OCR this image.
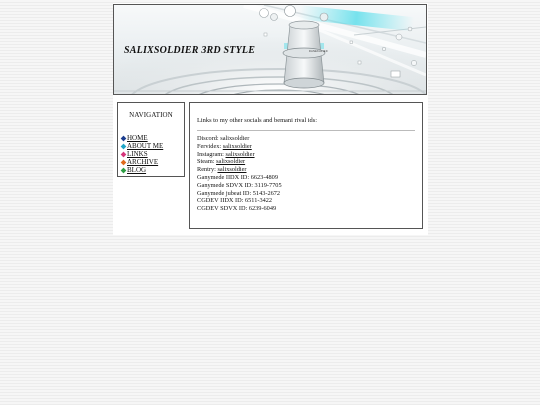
SALIXSOLDIER 3RD STYLE	DANEKALIED
NAVIGATION
HOME
ABOUT ME
LINKS
ARCHIVE
BLOG
Links to my other socials and bemani rival ids:
Discord: salixsoldier
Fervidex: salixsoldier
Instagram: salixsoldier
Steam: salixsoldier
Rentry: salixsoldier
Ganymede IIDX ID: 6623-4809
Ganymede SDVX ID: 3119-7705
Ganymede jubeat ID: 5143-2672
CGDEV IIDX ID: 6511-3422
CGDEV SDVX ID: 6239-6049
